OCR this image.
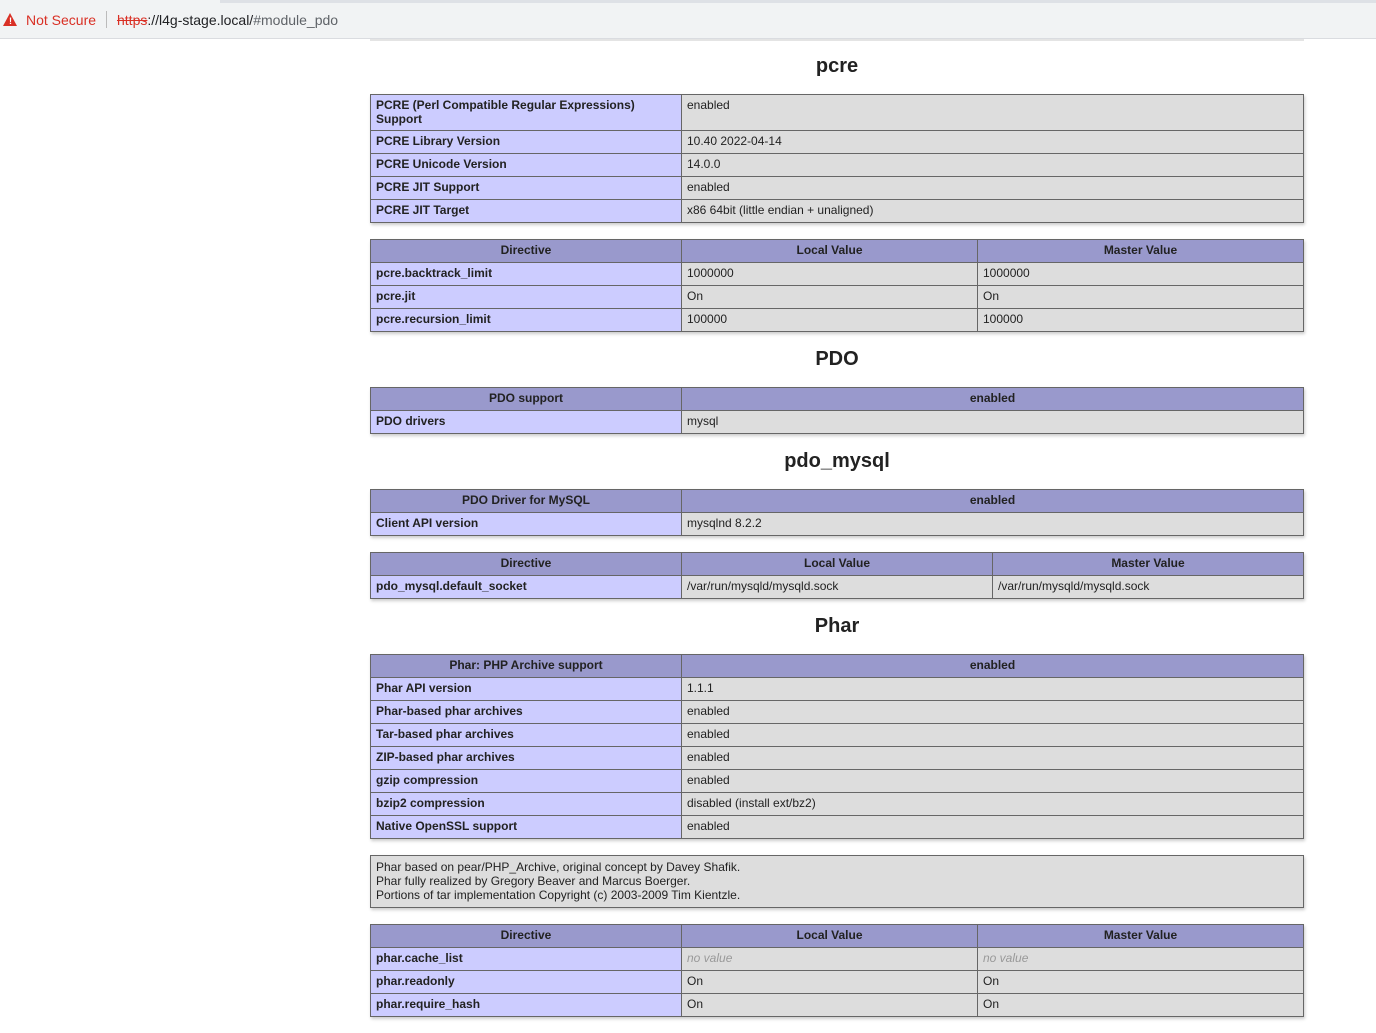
! Not Secure https://l4g-stage.local/#module_pdo
pcre
PCRE (Perl Compatible Regular Expressions) Support	enabled
PCRE Library Version	10.40 2022-04-14
PCRE Unicode Version	14.0.0
PCRE JIT Support	enabled
PCRE JIT Target	x86 64bit (little endian + unaligned)
Directive	Local Value	Master Value
pcre.backtrack_limit	1000000	1000000
pcre.jit	On	On
pcre.recursion_limit	100000	100000
PDO
PDO support	enabled
PDO drivers	mysql
pdo_mysql
PDO Driver for MySQL	enabled
Client API version	mysqlnd 8.2.2
Directive	Local Value	Master Value
pdo_mysql.default_socket	/var/run/mysqld/mysqld.sock	/var/run/mysqld/mysqld.sock
Phar
Phar: PHP Archive support	enabled
Phar API version	1.1.1
Phar-based phar archives	enabled
Tar-based phar archives	enabled
ZIP-based phar archives	enabled
gzip compression	enabled
bzip2 compression	disabled (install ext/bz2)
Native OpenSSL support	enabled
Phar based on pear/PHP_Archive, original concept by Davey Shafik.
Phar fully realized by Gregory Beaver and Marcus Boerger.
Portions of tar implementation Copyright (c) 2003-2009 Tim Kientzle.
Directive	Local Value	Master Value
phar.cache_list	no value	no value
phar.readonly	On	On
phar.require_hash	On	On
